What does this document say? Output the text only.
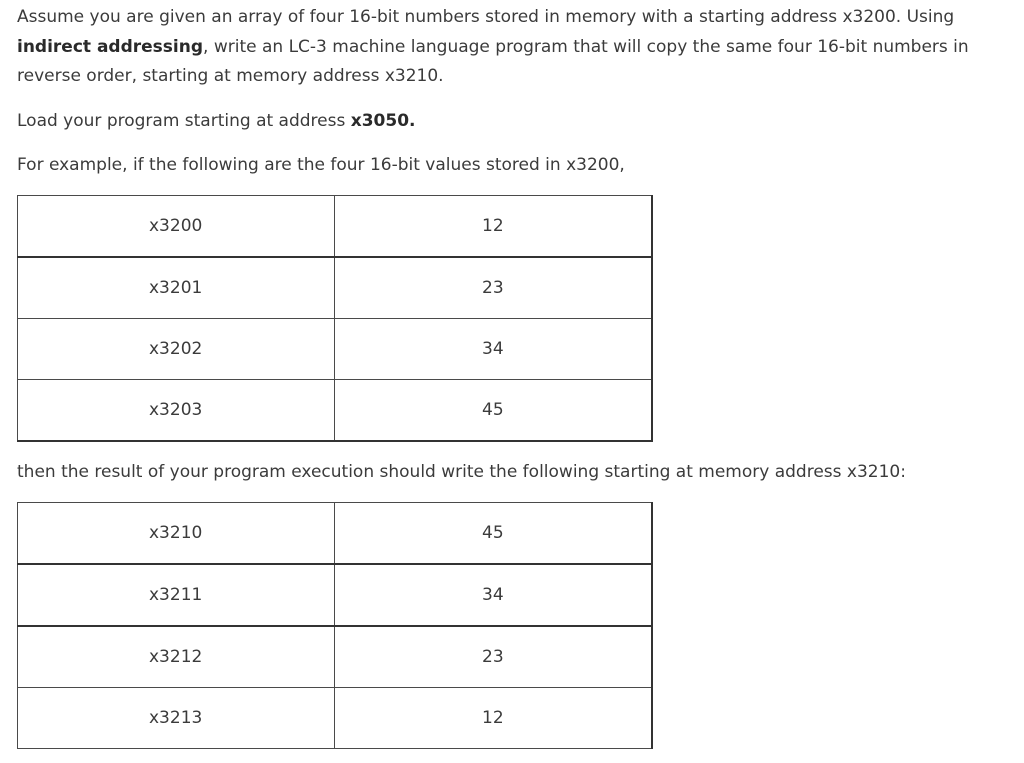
Assume you are given an array of four 16-bit numbers stored in memory with a starting address x3200. Using indirect addressing, write an LC-3 machine language program that will copy the same four 16-bit numbers in reverse order, starting at memory address x3210.

Load your program starting at address x3050.

For example, if the following are the four 16-bit values stored in x3200,

x3200	12
x3201	23
x3202	34
x3203	45

then the result of your program execution should write the following starting at memory address x3210:

x3210	45
x3211	34
x3212	23
x3213	12
